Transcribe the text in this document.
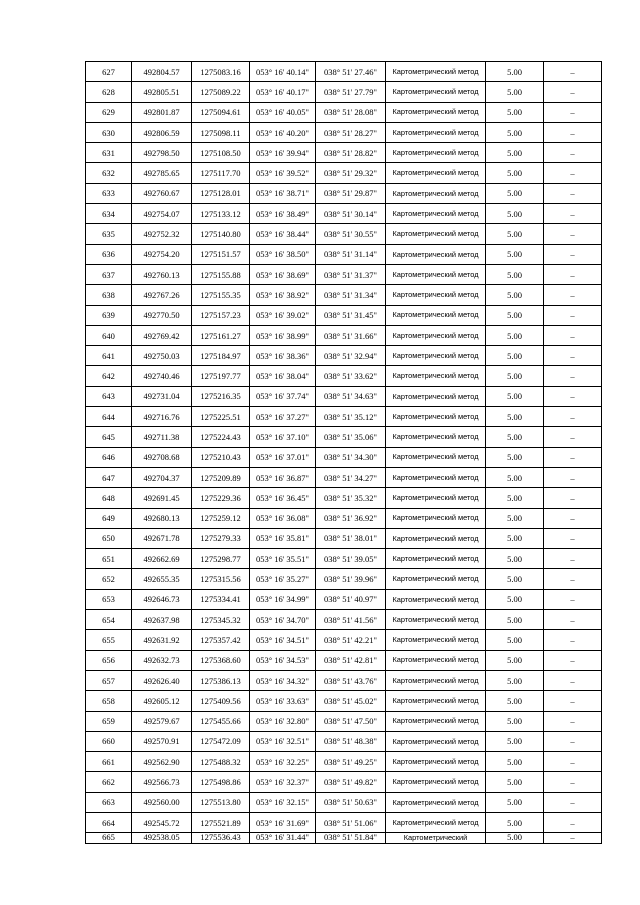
627	492804.57	1275083.16	053° 16' 40.14"	038° 51' 27.46"	Картометрический метод	5.00	–
628	492805.51	1275089.22	053° 16' 40.17"	038° 51' 27.79"	Картометрический метод	5.00	–
629	492801.87	1275094.61	053° 16' 40.05"	038° 51' 28.08"	Картометрический метод	5.00	–
630	492806.59	1275098.11	053° 16' 40.20"	038° 51' 28.27"	Картометрический метод	5.00	–
631	492798.50	1275108.50	053° 16' 39.94"	038° 51' 28.82"	Картометрический метод	5.00	–
632	492785.65	1275117.70	053° 16' 39.52"	038° 51' 29.32"	Картометрический метод	5.00	–
633	492760.67	1275128.01	053° 16' 38.71"	038° 51' 29.87"	Картометрический метод	5.00	–
634	492754.07	1275133.12	053° 16' 38.49"	038° 51' 30.14"	Картометрический метод	5.00	–
635	492752.32	1275140.80	053° 16' 38.44"	038° 51' 30.55"	Картометрический метод	5.00	–
636	492754.20	1275151.57	053° 16' 38.50"	038° 51' 31.14"	Картометрический метод	5.00	–
637	492760.13	1275155.88	053° 16' 38.69"	038° 51' 31.37"	Картометрический метод	5.00	–
638	492767.26	1275155.35	053° 16' 38.92"	038° 51' 31.34"	Картометрический метод	5.00	–
639	492770.50	1275157.23	053° 16' 39.02"	038° 51' 31.45"	Картометрический метод	5.00	–
640	492769.42	1275161.27	053° 16' 38.99"	038° 51' 31.66"	Картометрический метод	5.00	–
641	492750.03	1275184.97	053° 16' 38.36"	038° 51' 32.94"	Картометрический метод	5.00	–
642	492740.46	1275197.77	053° 16' 38.04"	038° 51' 33.62"	Картометрический метод	5.00	–
643	492731.04	1275216.35	053° 16' 37.74"	038° 51' 34.63"	Картометрический метод	5.00	–
644	492716.76	1275225.51	053° 16' 37.27"	038° 51' 35.12"	Картометрический метод	5.00	–
645	492711.38	1275224.43	053° 16' 37.10"	038° 51' 35.06"	Картометрический метод	5.00	–
646	492708.68	1275210.43	053° 16' 37.01"	038° 51' 34.30"	Картометрический метод	5.00	–
647	492704.37	1275209.89	053° 16' 36.87"	038° 51' 34.27"	Картометрический метод	5.00	–
648	492691.45	1275229.36	053° 16' 36.45"	038° 51' 35.32"	Картометрический метод	5.00	–
649	492680.13	1275259.12	053° 16' 36.08"	038° 51' 36.92"	Картометрический метод	5.00	–
650	492671.78	1275279.33	053° 16' 35.81"	038° 51' 38.01"	Картометрический метод	5.00	–
651	492662.69	1275298.77	053° 16' 35.51"	038° 51' 39.05"	Картометрический метод	5.00	–
652	492655.35	1275315.56	053° 16' 35.27"	038° 51' 39.96"	Картометрический метод	5.00	–
653	492646.73	1275334.41	053° 16' 34.99"	038° 51' 40.97"	Картометрический метод	5.00	–
654	492637.98	1275345.32	053° 16' 34.70"	038° 51' 41.56"	Картометрический метод	5.00	–
655	492631.92	1275357.42	053° 16' 34.51"	038° 51' 42.21"	Картометрический метод	5.00	–
656	492632.73	1275368.60	053° 16' 34.53"	038° 51' 42.81"	Картометрический метод	5.00	–
657	492626.40	1275386.13	053° 16' 34.32"	038° 51' 43.76"	Картометрический метод	5.00	–
658	492605.12	1275409.56	053° 16' 33.63"	038° 51' 45.02"	Картометрический метод	5.00	–
659	492579.67	1275455.66	053° 16' 32.80"	038° 51' 47.50"	Картометрический метод	5.00	–
660	492570.91	1275472.09	053° 16' 32.51"	038° 51' 48.38"	Картометрический метод	5.00	–
661	492562.90	1275488.32	053° 16' 32.25"	038° 51' 49.25"	Картометрический метод	5.00	–
662	492566.73	1275498.86	053° 16' 32.37"	038° 51' 49.82"	Картометрический метод	5.00	–
663	492560.00	1275513.80	053° 16' 32.15"	038° 51' 50.63"	Картометрический метод	5.00	–
664	492545.72	1275521.89	053° 16' 31.69"	038° 51' 51.06"	Картометрический метод	5.00	–
665	492538.05	1275536.43	053° 16' 31.44"	038° 51' 51.84"	Картометрический	5.00	–
